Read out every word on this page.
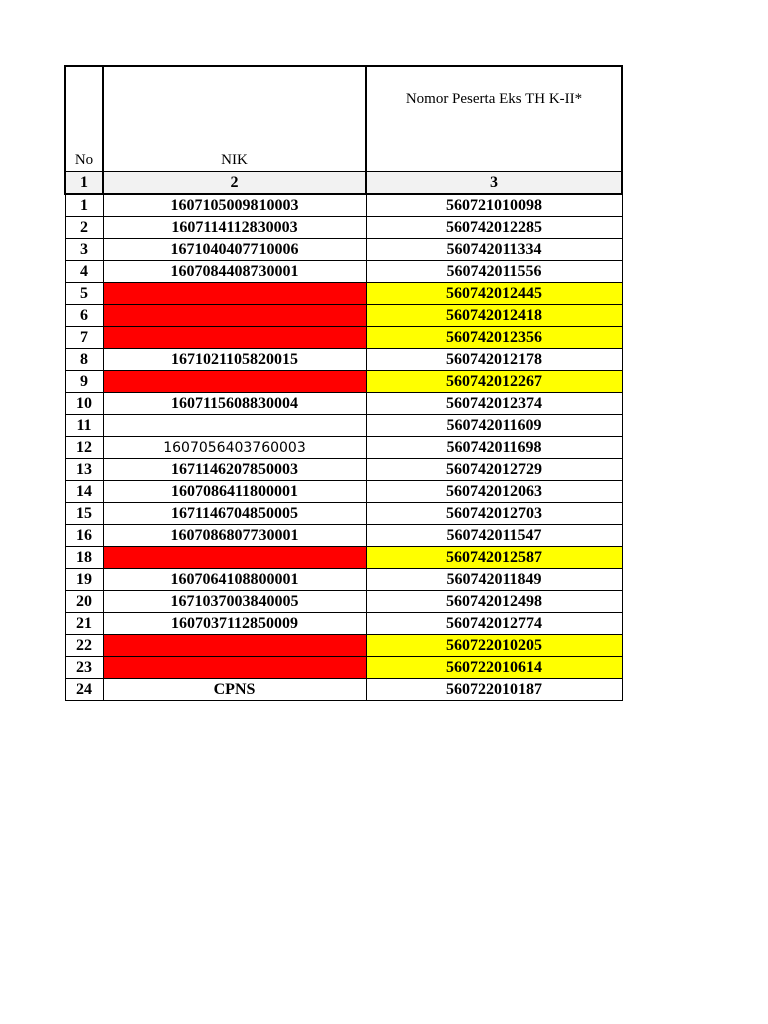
No	NIK	Nomor Peserta Eks TH K-II*
1	2	3
1	1607105009810003	560721010098
2	1607114112830003	560742012285
3	1671040407710006	560742011334
4	1607084408730001	560742011556
5		560742012445
6		560742012418
7		560742012356
8	1671021105820015	560742012178
9		560742012267
10	1607115608830004	560742012374
11		560742011609
12	1607056403760003	560742011698
13	1671146207850003	560742012729
14	1607086411800001	560742012063
15	1671146704850005	560742012703
16	1607086807730001	560742011547
18		560742012587
19	1607064108800001	560742011849
20	1671037003840005	560742012498
21	1607037112850009	560742012774
22		560722010205
23		560722010614
24	CPNS	560722010187
